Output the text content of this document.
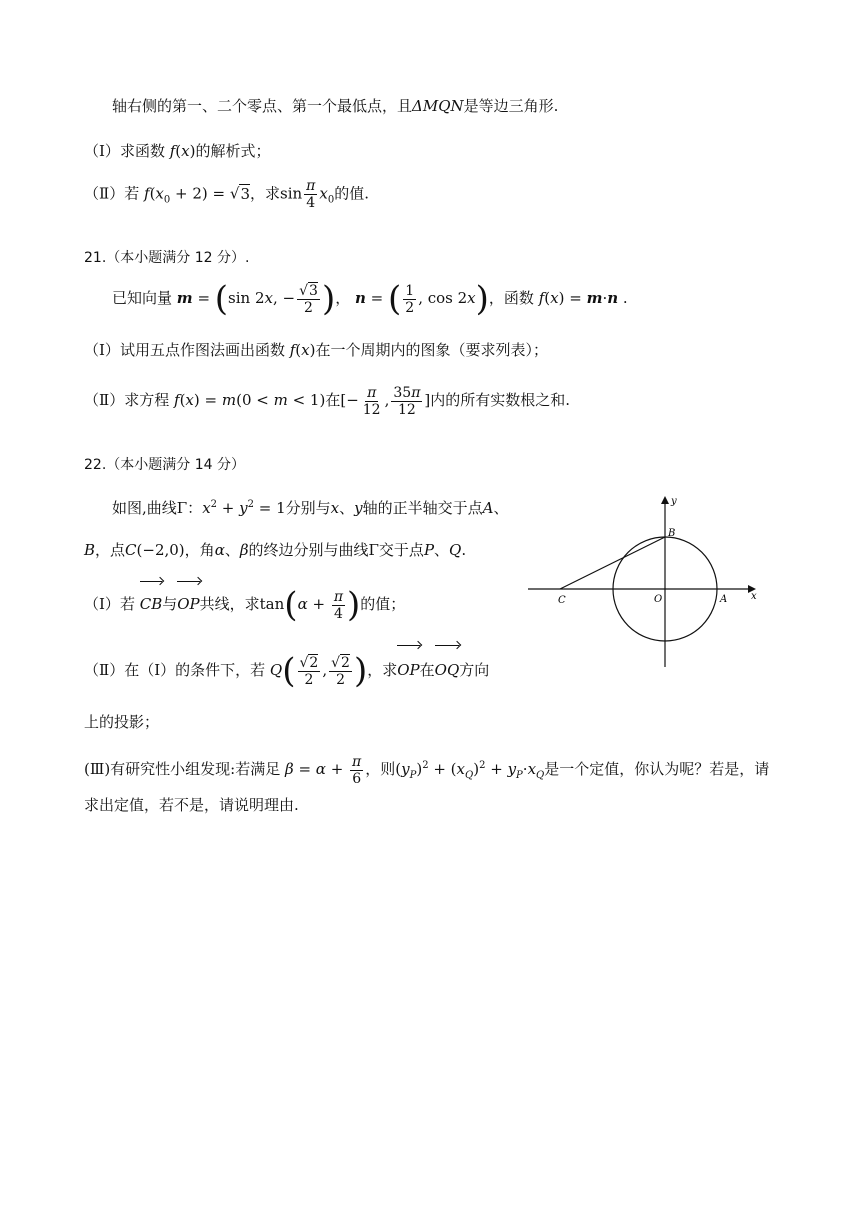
轴右侧的第一、二个零点、第一个最低点，且ΔMQN是等边三角形.
（Ⅰ）求函数 f(x)的解析式；
（Ⅱ）若 $f(x_0 + 2) = √3$，求$\sin \frac{\pi}{4} x_0$的值.
21.（本小题满分 12 分）.
已知向量 m = (sin 2x, − $\frac{√3}{2}$ )， n = ( $\frac{1}{2}$ , cos 2x)，函数 f(x) = m·n .
（Ⅰ）试用五点作图法画出函数 f(x)在一个周期内的图象（要求列表）；
（Ⅱ）求方程 f(x) = m(0 < m < 1)在[− $\frac{\pi}{12}$ , $\frac{35\pi}{12}$ ]内的所有实数根之和.
22.（本小题满分 14 分）
如图,曲线Γ：$x^2 + y^2 = 1$分别与x、y轴的正半轴交于点A、
B，点C(−2,0)，角α、β的终边分别与曲线Γ交于点P、Q.
（Ⅰ）若 CB与OP共线，求$\tan(\alpha + \frac{\pi}{4}$ )的值；
（Ⅱ）在（Ⅰ）的条件下，若 $Q( \frac{√2}{2}$ , $\frac{√2}{2}$ )，求OP在OQ方向
上的投影；
(Ⅲ)有研究性小组发现:若满足 $\beta = \alpha + \frac{\pi}{6}$ ，则$(y_P)^2 + (x_Q)^2 + y_P\cdot x_Q$是一个定值，你认为呢？若是，请
求出定值，若不是，请说明理由.
y
x
B
C	O	A
